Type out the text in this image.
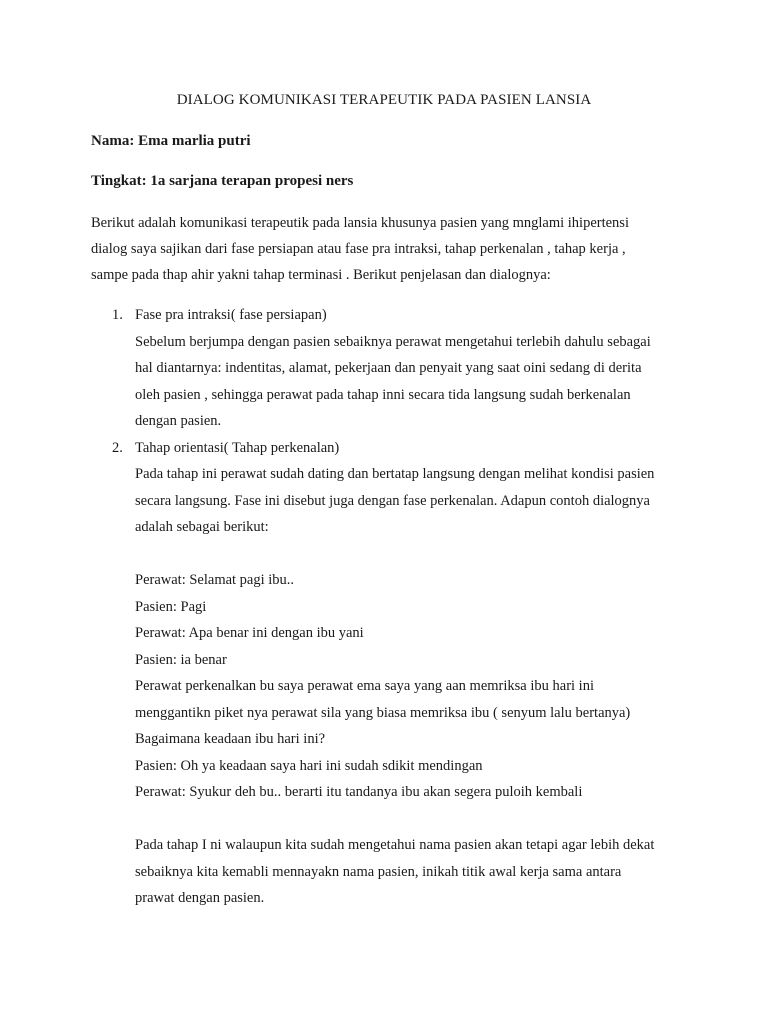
DIALOG KOMUNIKASI TERAPEUTIK PADA PASIEN LANSIA
Nama: Ema marlia putri
Tingkat: 1a sarjana terapan propesi ners
Berikut adalah komunikasi terapeutik pada lansia khusunya pasien yang mnglami ihipertensi
dialog saya sajikan dari fase persiapan atau fase pra intraksi, tahap perkenalan , tahap kerja ,
sampe pada thap ahir yakni tahap terminasi . Berikut penjelasan dan dialognya:
1. Fase pra intraksi( fase persiapan)
Sebelum berjumpa dengan pasien sebaiknya perawat mengetahui terlebih dahulu sebagai
hal diantarnya: indentitas, alamat, pekerjaan dan penyait yang saat oini sedang di derita
oleh pasien , sehingga perawat pada tahap inni secara tida langsung sudah berkenalan
dengan pasien.
2. Tahap orientasi( Tahap perkenalan)
Pada tahap ini perawat sudah dating dan bertatap langsung dengan melihat kondisi pasien
secara langsung. Fase ini disebut juga dengan fase perkenalan. Adapun contoh dialognya
adalah sebagai berikut:
Perawat: Selamat pagi ibu..
Pasien: Pagi
Perawat: Apa benar ini dengan ibu yani
Pasien: ia benar
Perawat perkenalkan bu saya perawat ema saya yang aan memriksa ibu hari ini
menggantikn piket nya perawat sila yang biasa memriksa ibu ( senyum lalu bertanya)
Bagaimana keadaan ibu hari ini?
Pasien: Oh ya keadaan saya hari ini sudah sdikit mendingan
Perawat: Syukur deh bu.. berarti itu tandanya ibu akan segera puloih kembali
Pada tahap I ni walaupun kita sudah mengetahui nama pasien akan tetapi agar lebih dekat
sebaiknya kita kemabli mennayakn nama pasien, inikah titik awal kerja sama antara
prawat dengan pasien.
